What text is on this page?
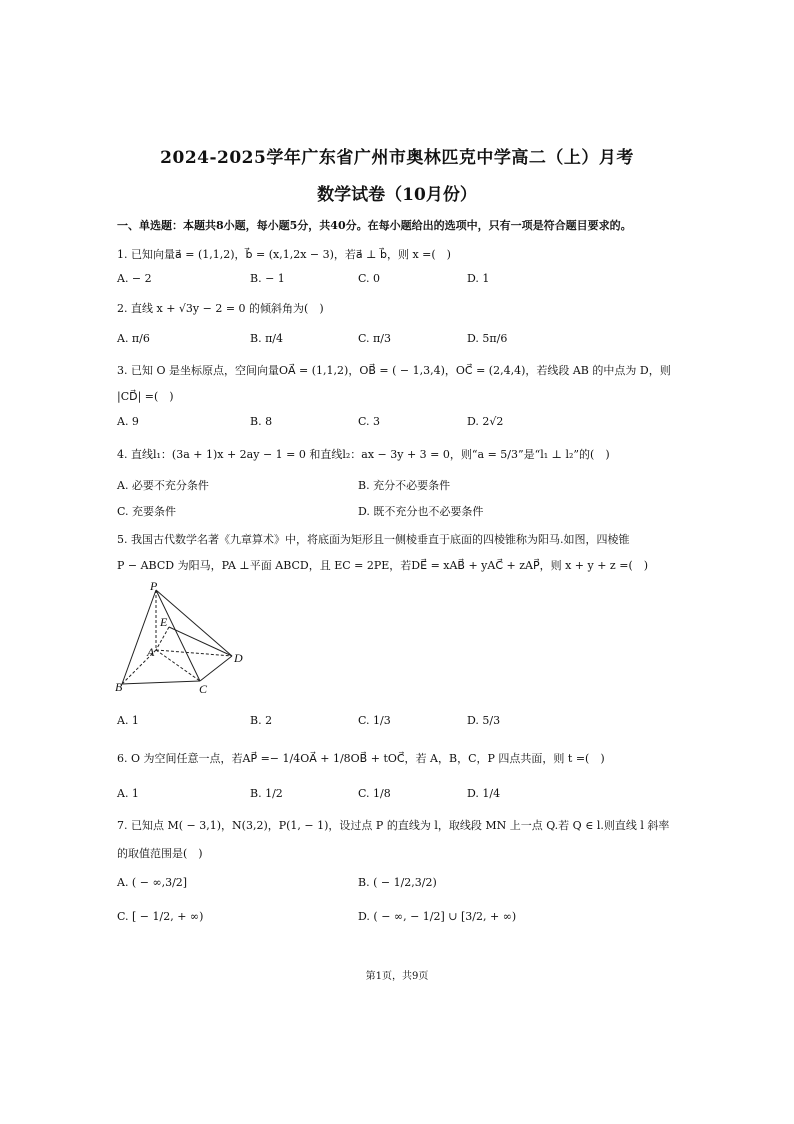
2024-2025学年广东省广州市奥林匹克中学高二（上）月考
数学试卷（10月份）
一、单选题：本题共8小题，每小题5分，共40分。在每小题给出的选项中，只有一项是符合题目要求的。
1. 已知向量a⃗ = (1,1,2)，b⃗ = (x,1,2x − 3)，若a⃗ ⊥ b⃗，则 x =(　)
A. − 2	B. − 1	C. 0	D. 1
2. 直线 x + √3y − 2 = 0 的倾斜角为(　)
A. π/6	B. π/4	C. π/3	D. 5π/6
3. 已知 O 是坐标原点，空间向量OA⃗ = (1,1,2)，OB⃗ = ( − 1,3,4)，OC⃗ = (2,4,4)，若线段 AB 的中点为 D，则
|CD⃗| =(　)
A. 9	B. 8	C. 3	D. 2√2
4. 直线l₁：(3a + 1)x + 2ay − 1 = 0 和直线l₂：ax − 3y + 3 = 0，则“a = 5/3”是“l₁ ⊥ l₂”的(　)
A. 必要不充分条件	B. 充分不必要条件
C. 充要条件	D. 既不充分也不必要条件
5. 我国古代数学名著《九章算术》中，将底面为矩形且一侧棱垂直于底面的四棱锥称为阳马.如图，四棱锥
P − ABCD 为阳马，PA ⊥平面 ABCD，且 EC = 2PE，若DE⃗ = xAB⃗ + yAC⃗ + zAP⃗，则 x + y + z =(　)
P
E
A	D
B	C
A. 1	B. 2	C. 1/3	D. 5/3
6. O 为空间任意一点，若AP⃗ =− 1/4OA⃗ + 1/8OB⃗ + tOC⃗，若 A，B，C，P 四点共面，则 t =(　)
A. 1	B. 1/2	C. 1/8	D. 1/4
7. 已知点 M( − 3,1)，N(3,2)，P(1, − 1)，设过点 P 的直线为 l，取线段 MN 上一点 Q.若 Q ∈ l.则直线 l 斜率
的取值范围是(　)
A. ( − ∞,3/2]	B. ( − 1/2,3/2)
C. [ − 1/2, + ∞)	D. ( − ∞, − 1/2] ∪ [3/2, + ∞)
第1页，共9页
